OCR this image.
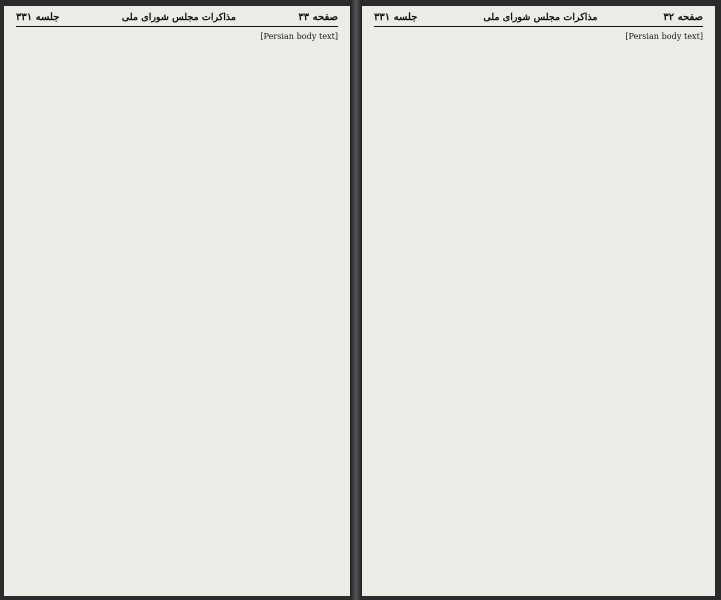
صفحه ۳۳
مذاکرات مجلس شورای ملی
جلسه ۳۳۱

[Persian body text]

صفحه ۳۲
مذاکرات مجلس شورای ملی
جلسه ۳۳۱

[Persian body text]
